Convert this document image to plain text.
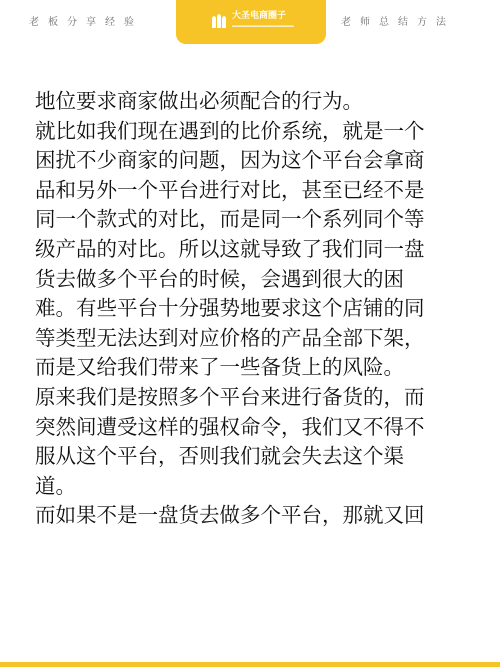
老板分享经验
大圣电商圈子
老师总结方法
地位要求商家做出必须配合的行为。
就比如我们现在遇到的比价系统，就是一个
困扰不少商家的问题，因为这个平台会拿商
品和另外一个平台进行对比，甚至已经不是
同一个款式的对比，而是同一个系列同个等
级产品的对比。所以这就导致了我们同一盘
货去做多个平台的时候，会遇到很大的困
难。有些平台十分强势地要求这个店铺的同
等类型无法达到对应价格的产品全部下架，
而是又给我们带来了一些备货上的风险。
原来我们是按照多个平台来进行备货的，而
突然间遭受这样的强权命令，我们又不得不
服从这个平台，否则我们就会失去这个渠
道。
而如果不是一盘货去做多个平台，那就又回
